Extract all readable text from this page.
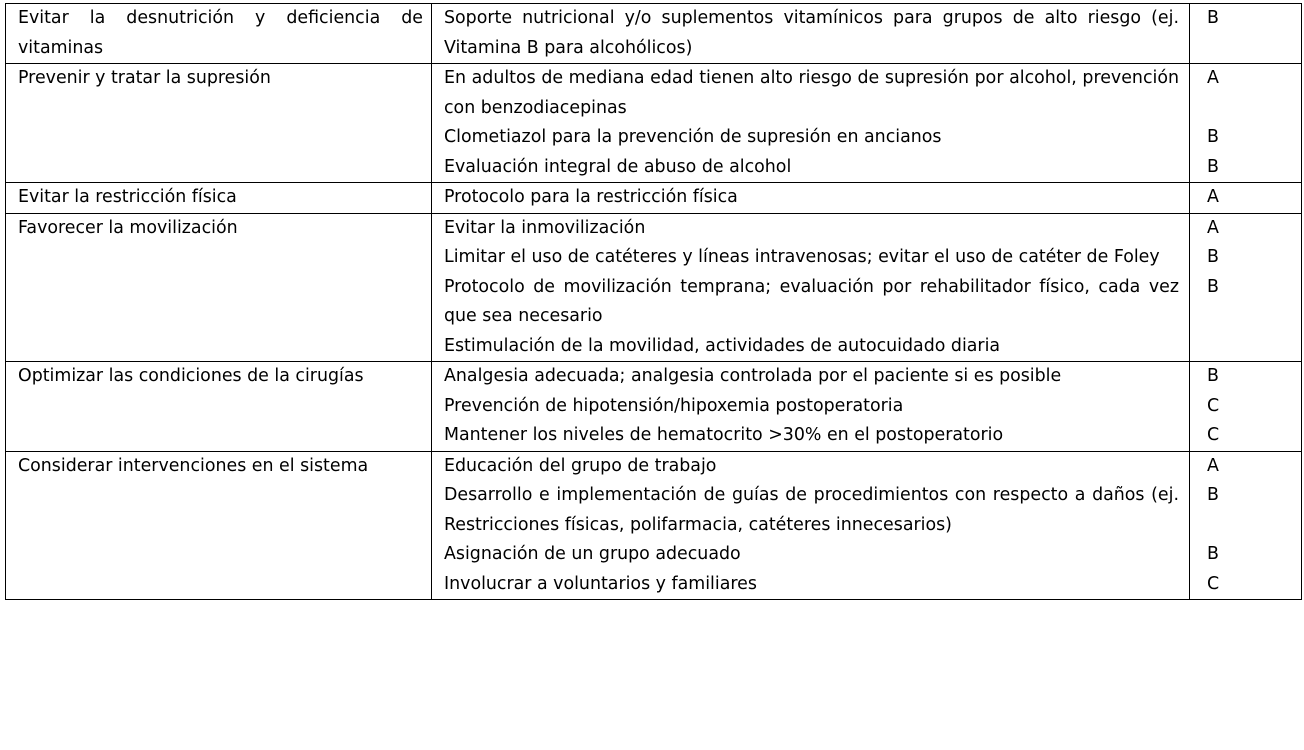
Evitar la desnutrición y deficiencia de vitaminas	Soporte nutricional y/o suplementos vitamínicos para grupos de alto riesgo (ej. Vitamina B para alcohólicos)	B
Prevenir y tratar la supresión	En adultos de mediana edad tienen alto riesgo de supresión por alcohol, prevención con benzodiacepinas	A
	Clometiazol para la prevención de supresión en ancianos	B
	Evaluación integral de abuso de alcohol	B
Evitar la restricción física	Protocolo para la restricción física	A
Favorecer la movilización	Evitar la inmovilización	A
	Limitar el uso de catéteres y líneas intravenosas; evitar el uso de catéter de Foley	B
	Protocolo de movilización temprana; evaluación por rehabilitador físico, cada vez que sea necesario	B
	Estimulación de la movilidad, actividades de autocuidado diaria	
Optimizar las condiciones de la cirugías	Analgesia adecuada; analgesia controlada por el paciente si es posible	B
	Prevención de hipotensión/hipoxemia postoperatoria	C
	Mantener los niveles de hematocrito >30% en el postoperatorio	C
Considerar intervenciones en el sistema	Educación del grupo de trabajo	A
	Desarrollo e implementación de guías de procedimientos con respecto a daños (ej. Restricciones físicas, polifarmacia, catéteres innecesarios)	B
	Asignación de un grupo adecuado	B
	Involucrar a voluntarios y familiares	C
